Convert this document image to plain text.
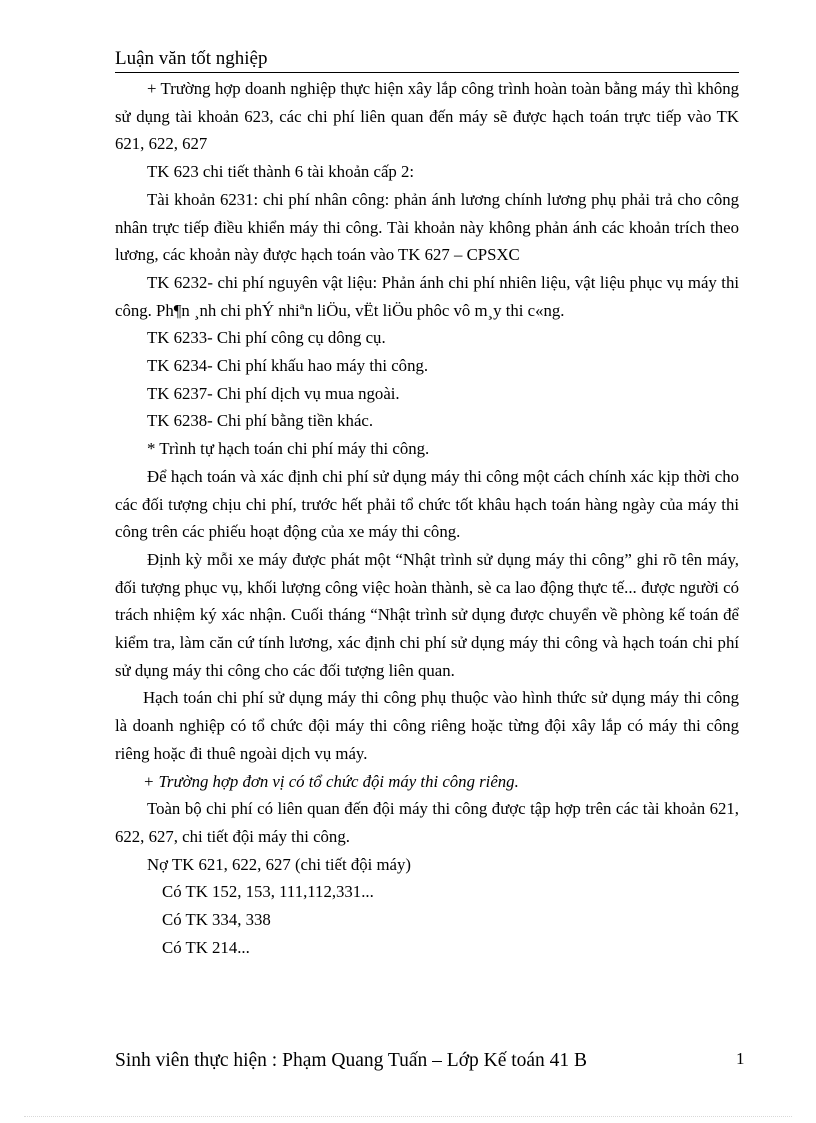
Luận văn tốt nghiệp

+ Trường hợp doanh nghiệp thực hiện xây lắp công trình hoàn toàn bằng máy thì không sử dụng tài khoản 623, các chi phí liên quan đến máy sẽ được hạch toán trực tiếp vào TK 621, 622, 627

TK 623 chi tiết thành 6 tài khoản cấp 2:

Tài khoản 6231: chi phí nhân công: phản ánh lương chính lương phụ phải trả cho công nhân trực tiếp điều khiển máy thi công. Tài khoản này không phản ánh các khoản trích theo lương, các khoản này được hạch toán vào TK 627 – CPSXC

TK 6232- chi phí nguyên vật liệu: Phản ánh chi phí nhiên liệu, vật liệu phục vụ máy thi công. Ph¶n ¸nh chi phÝ nhiªn liÖu, vËt liÖu phôc vô m¸y thi c«ng.

TK 6233- Chi phí công cụ dông cụ.

TK 6234- Chi phí khấu hao máy thi công.

TK 6237- Chi phí dịch vụ mua ngoài.

TK 6238- Chi phí bằng tiền khác.

* Trình tự hạch toán chi phí máy thi công.

Để hạch toán và xác định chi phí sử dụng máy thi công một cách chính xác kịp thời cho các đối tượng chịu chi phí, trước hết phải tổ chức tốt khâu hạch toán hàng ngày của máy thi công trên các phiếu hoạt động của xe máy thi công.

Định kỳ mỗi xe máy được phát một “Nhật trình sử dụng máy thi công” ghi rõ tên máy, đối tượng phục vụ, khối lượng công việc hoàn thành, sè ca lao động thực tế... được người có trách nhiệm ký xác nhận. Cuối tháng “Nhật trình sử dụng được chuyển về phòng kế toán để kiểm tra, làm căn cứ tính lương, xác định chi phí sử dụng máy thi công và hạch toán chi phí sử dụng máy thi công cho các đối tượng liên quan.

Hạch toán chi phí sử dụng máy thi công phụ thuộc vào hình thức sử dụng máy thi công là doanh nghiệp có tổ chức đội máy thi công riêng hoặc từng đội xây lắp có máy thi công riêng hoặc đi thuê ngoài dịch vụ máy.

+ Trường hợp đơn vị có tổ chức đội máy thi công riêng.

Toàn bộ chi phí có liên quan đến đội máy thi công được tập hợp trên các tài khoản 621, 622, 627, chi tiết đội máy thi công.

Nợ TK 621, 622, 627 (chi tiết đội máy)
Có TK 152, 153, 111,112,331...
Có TK 334, 338
Có TK 214...
Sinh viên thực hiện : Phạm Quang Tuấn – Lớp Kế toán 41 B	1
